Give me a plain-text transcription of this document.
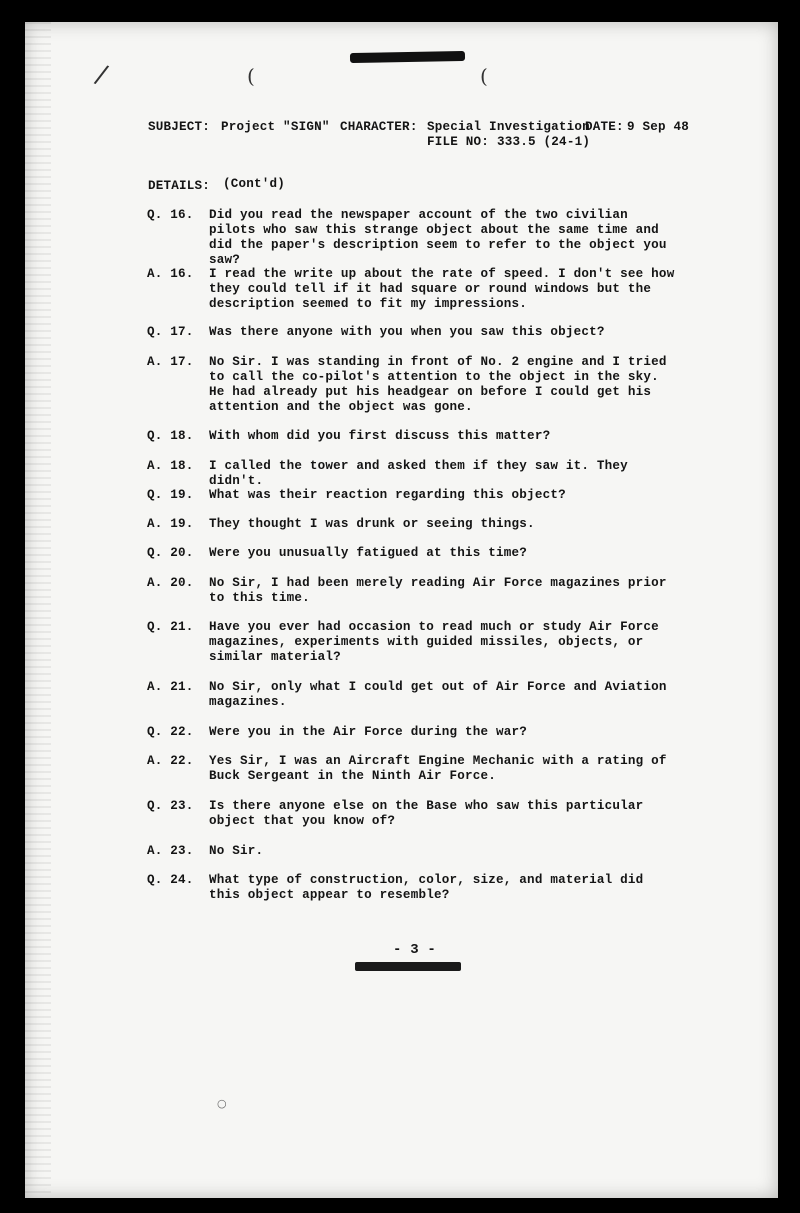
/	(	(
SUBJECT: Project "SIGN" CHARACTER: Special Investigation
DATE: 9 Sep 48
FILE NO: 333.5 (24-1)
DETAILS: (Cont'd)
Q. 16.	Did you read the newspaper account of the two civilian pilots who saw this strange object about the same time and did the paper's description seem to refer to the object you saw?
A. 16.	I read the write up about the rate of speed. I don't see how they could tell if it had square or round windows but the description seemed to fit my impressions.
Q. 17.	Was there anyone with you when you saw this object?
A. 17.	No Sir. I was standing in front of No. 2 engine and I tried to call the co-pilot's attention to the object in the sky. He had already put his headgear on before I could get his attention and the object was gone.
Q. 18.	With whom did you first discuss this matter?
A. 18.	I called the tower and asked them if they saw it. They didn't.
Q. 19.	What was their reaction regarding this object?
A. 19.	They thought I was drunk or seeing things.
Q. 20.	Were you unusually fatigued at this time?
A. 20.	No Sir, I had been merely reading Air Force magazines prior to this time.
Q. 21.	Have you ever had occasion to read much or study Air Force magazines, experiments with guided missiles, objects, or similar material?
A. 21.	No Sir, only what I could get out of Air Force and Aviation magazines.
Q. 22.	Were you in the Air Force during the war?
A. 22.	Yes Sir, I was an Aircraft Engine Mechanic with a rating of Buck Sergeant in the Ninth Air Force.
Q. 23.	Is there anyone else on the Base who saw this particular object that you know of?
A. 23.	No Sir.
Q. 24.	What type of construction, color, size, and material did this object appear to resemble?
- 3 -
○
